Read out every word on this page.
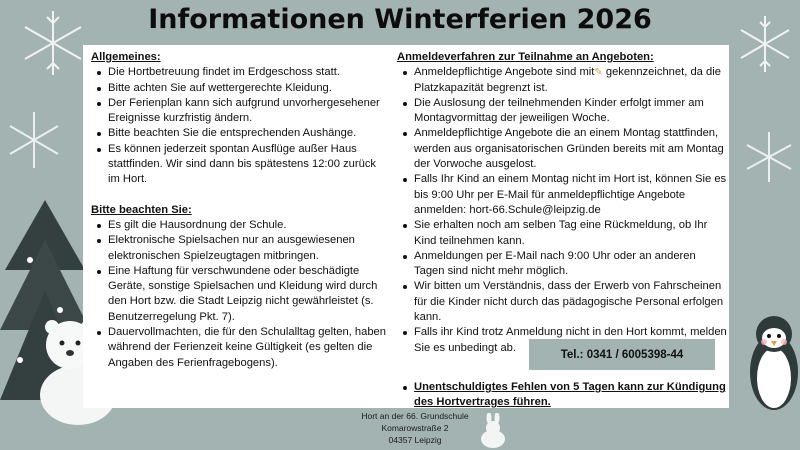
Informationen Winterferien 2026
Allgemeines:
Die Hortbetreuung findet im Erdgeschoss statt.
Bitte achten Sie auf wettergerechte Kleidung.
Der Ferienplan kann sich aufgrund unvorhergesehener Ereignisse kurzfristig ändern.
Bitte beachten Sie die entsprechenden Aushänge.
Es können jederzeit spontan Ausflüge außer Haus stattfinden. Wir sind dann bis spätestens 12:00 zurück im Hort.
Bitte beachten Sie:
Es gilt die Hausordnung der Schule.
Elektronische Spielsachen nur an ausgewiesenen elektronischen Spielzeugtagen mitbringen.
Eine Haftung für verschwundene oder beschädigte Geräte, sonstige Spielsachen und Kleidung wird durch den Hort bzw. die Stadt Leipzig nicht gewährleistet (s. Benutzerregelung Pkt. 7).
Dauervollmachten, die für den Schulalltag gelten, haben während der Ferienzeit keine Gültigkeit (es gelten die Angaben des Ferienfragebogens).
Anmeldeverfahren zur Teilnahme an Angeboten:
Anmeldepflichtige Angebote sind mit✎ gekennzeichnet, da die Platzkapazität begrenzt ist.
Die Auslosung der teilnehmenden Kinder erfolgt immer am Montagvormittag der jeweiligen Woche.
Anmeldepflichtige Angebote die an einem Montag stattfinden, werden aus organisatorischen Gründen bereits mit am Montag der Vorwoche ausgelost.
Falls Ihr Kind an einem Montag nicht im Hort ist, können Sie es bis 9:00 Uhr per E-Mail für anmeldepflichtige Angebote anmelden: hort-66.Schule@leipzig.de
Sie erhalten noch am selben Tag eine Rückmeldung, ob Ihr Kind teilnehmen kann.
Anmeldungen per E-Mail nach 9:00 Uhr oder an anderen Tagen sind nicht mehr möglich.
Wir bitten um Verständnis, dass der Erwerb von Fahrscheinen für die Kinder nicht durch das pädagogische Personal erfolgen kann.
Falls ihr Kind trotz Anmeldung nicht in den Hort kommt, melden Sie es unbedingt ab.
Tel.: 0341 / 6005398-44
Unentschuldigtes Fehlen von 5 Tagen kann zur Kündigung des Hortvertrages führen.
Hort an der 66. Grundschule
Komarowstraße 2
04357 Leipzig
